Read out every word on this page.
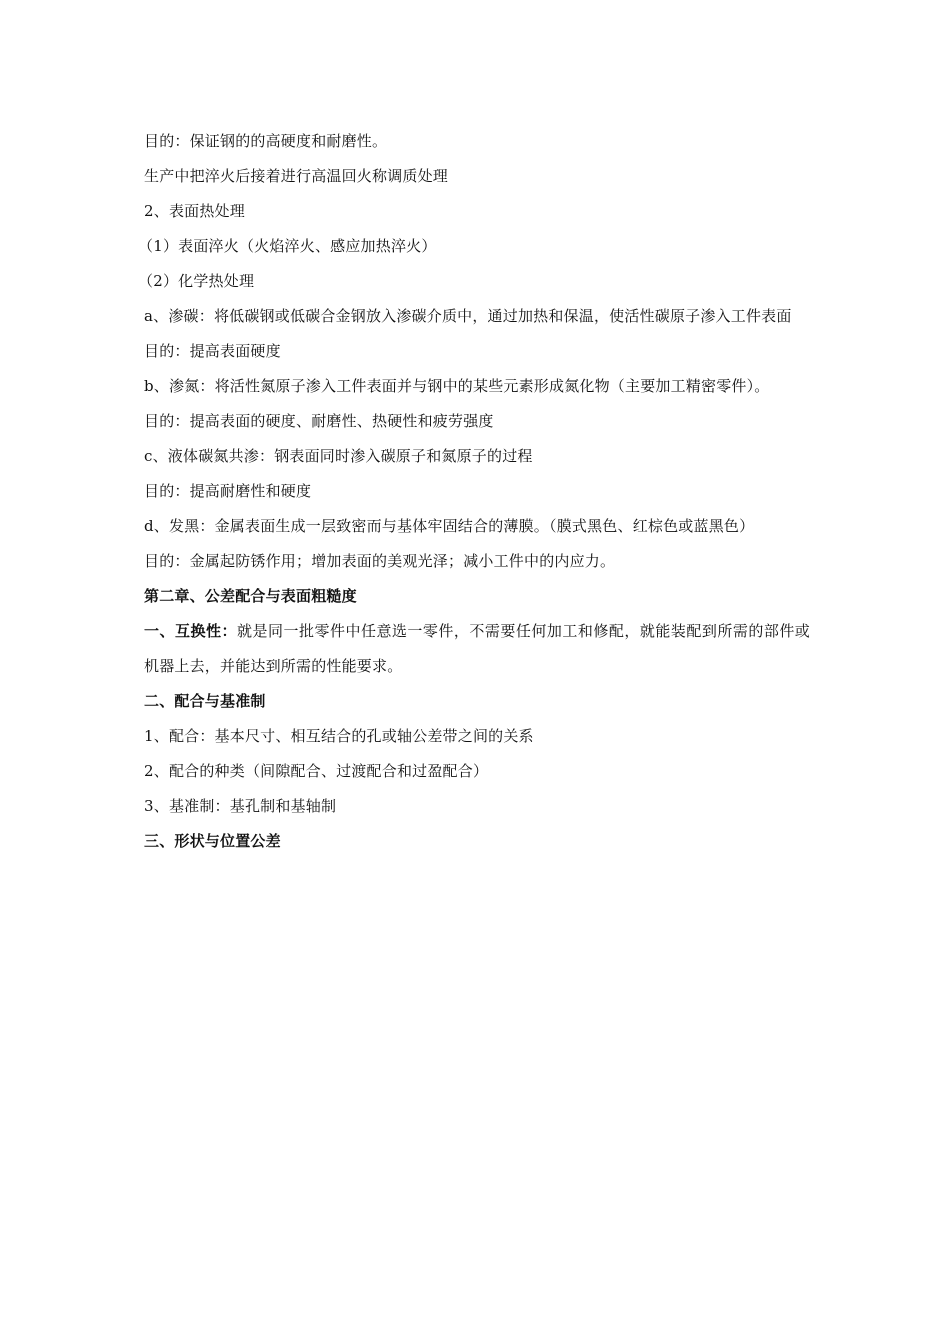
目的：保证钢的的高硬度和耐磨性。
生产中把淬火后接着进行高温回火称调质处理
2、表面热处理
（1）表面淬火（火焰淬火、感应加热淬火）
（2）化学热处理
a、渗碳：将低碳钢或低碳合金钢放入渗碳介质中，通过加热和保温，使活性碳原子渗入工件表面
目的：提高表面硬度
b、渗氮：将活性氮原子渗入工件表面并与钢中的某些元素形成氮化物（主要加工精密零件）。
目的：提高表面的硬度、耐磨性、热硬性和疲劳强度
c、液体碳氮共渗：钢表面同时渗入碳原子和氮原子的过程
目的：提高耐磨性和硬度
d、发黑：金属表面生成一层致密而与基体牢固结合的薄膜。（膜式黑色、红棕色或蓝黑色）
目的：金属起防锈作用；增加表面的美观光泽；减小工件中的内应力。
第二章、公差配合与表面粗糙度
一、互换性：就是同一批零件中任意选一零件，不需要任何加工和修配，就能装配到所需的部件或机器上去，并能达到所需的性能要求。
二、配合与基准制
1、配合：基本尺寸、相互结合的孔或轴公差带之间的关系
2、配合的种类（间隙配合、过渡配合和过盈配合）
3、基准制：基孔制和基轴制
三、形状与位置公差
